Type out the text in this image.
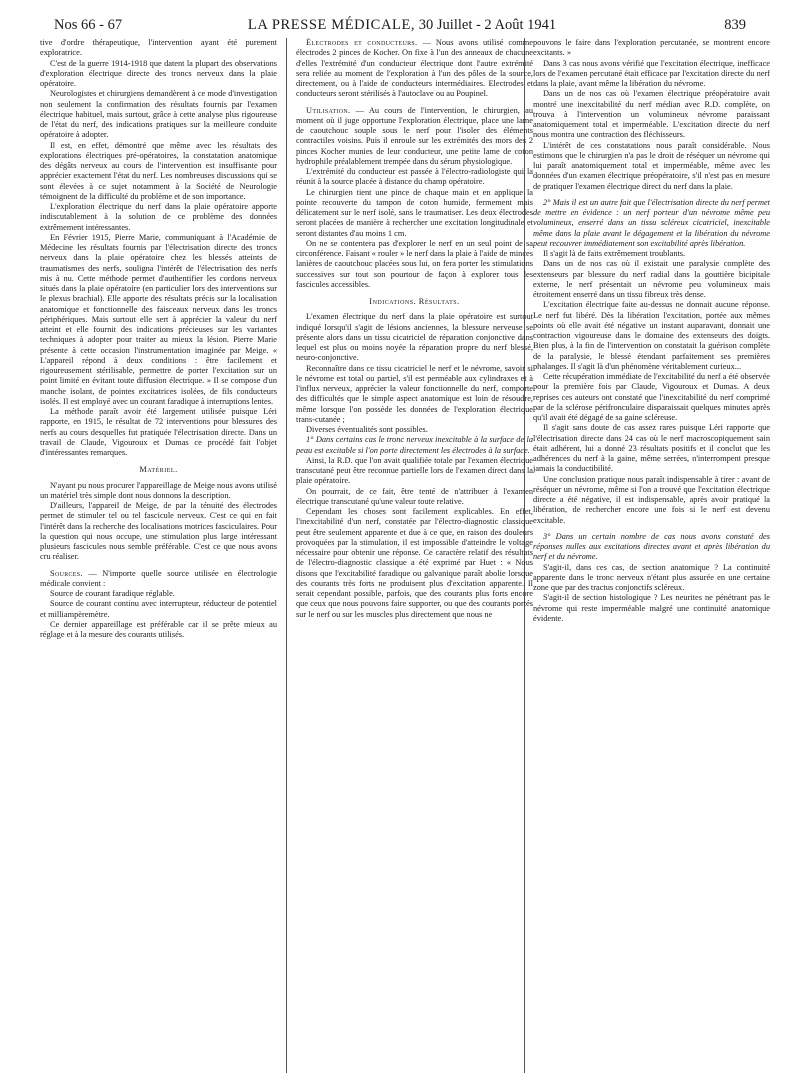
Nos 66 - 67	LA PRESSE MÉDICALE, 30 Juillet - 2 Août 1941	839

tive d'ordre thérapeutique, l'intervention ayant été purement exploratrice.

C'est de la guerre 1914-1918 que datent la plupart des observations d'exploration électrique directe des troncs nerveux dans la plaie opératoire.

Neurologistes et chirurgiens demandèrent à ce mode d'investigation non seulement la confirmation des résultats fournis par l'examen électrique habituel, mais surtout, grâce à cette analyse plus rigoureuse de l'état du nerf, des indications pratiques sur la meilleure conduite opératoire à adopter.

Il est, en effet, démontré que même avec les résultats des explorations électriques pré-opératoires, la constatation anatomique des dégâts nerveux au cours de l'intervention est insuffisante pour apprécier exactement l'état du nerf. Les nombreuses discussions qui se sont élevées à ce sujet notamment à la Société de Neurologie témoignent de la difficulté du problème et de son importance.

L'exploration électrique du nerf dans la plaie opératoire apporte indiscutablement à la solution de ce problème des données extrêmement intéressantes.

En Février 1915, Pierre Marie, communiquant à l'Académie de Médecine les résultats fournis par l'électrisation directe des troncs nerveux dans la plaie opératoire chez les blessés atteints de traumatismes des nerfs, soulignа l'intérêt de l'électrisation des nerfs mis à nu. Cette méthode permet d'authentifier les cordons nerveux situés dans la plaie opératoire (en particulier lors des interventions sur le plexus brachial). Elle apporte des résultats précis sur la localisation anatomique et fonctionnelle des faisceaux nerveux dans les troncs périphériques. Mais surtout elle sert à apprécier la valeur du nerf atteint et elle fournit des indications précieuses sur les variantes techniques à adopter pour traiter au mieux la lésion. Pierre Marie présente à cette occasion l'instrumentation imaginée par Meige. « L'appareil répond à deux conditions : être facilement et rigoureusement stérilisable, permettre de porter l'excitation sur un point limité en évitant toute diffusion électrique. » Il se compose d'un manche isolant, de pointes excitatrices isolées, de fils conducteurs isolés. Il est employé avec un courant faradique à interruptions lentes.

La méthode paraît avoir été largement utilisée puisque Léri rapporte, en 1915, le résultat de 72 interventions pour blessures des nerfs au cours desquelles fut pratiquée l'électrisation directe. Dans un travail de Claude, Vigouroux et Dumas ce procédé fait l'objet d'intéressantes remarques.

Matériel.

N'ayant pu nous procurer l'appareillage de Meige nous avons utilisé un matériel très simple dont nous donnons la description.

D'ailleurs, l'appareil de Meige, de par la ténuité des électrodes permet de stimuler tel ou tel fascicule nerveux. C'est ce qui en fait l'intérêt dans la recherche des localisations motrices fasciculaires. Pour la question qui nous occupe, une stimulation plus large intéressant plusieurs fascicules nous semble préférable. C'est ce que nous avons cru réaliser.

Sources. — N'importe quelle source utilisée en électrologie médicale convient :

Source de courant faradique réglable.

Source de courant continu avec interrupteur, réducteur de potentiel et milliampèremètre.

Ce dernier appareillage est préférable car il se prête mieux au réglage et à la mesure des courants utilisés.

Électrodes et conducteurs. — Nous avons utilisé comme électrodes 2 pinces de Kocher. On fixe à l'un des anneaux de chacune d'elles l'extrémité d'un conducteur électrique dont l'autre extrémité sera reliée au moment de l'exploration à l'un des pôles de la source, directement, ou à l'aide de conducteurs intermédiaires. Electrodes et conducteurs seront stérilisés à l'autoclave ou au Poupinel.

Utilisation. — Au cours de l'intervention, le chirurgien, au moment où il juge opportune l'exploration électrique, place une lame de caoutchouc souple sous le nerf pour l'isoler des éléments contractiles voisins. Puis il enroule sur les extrémités des mors des 2 pinces Kocher munies de leur conducteur, une petite lame de coton hydrophile préalablement trempée dans du sérum physiologique.

L'extrémité du conducteur est passée à l'électro-radiologiste qui la réunit à la source placée à distance du champ opératoire.

Le chirurgien tient une pince de chaque main et en applique la pointe recouverte du tampon de coton humide, fermement mais délicatement sur le nerf isolé, sans le traumatiser. Les deux électrodes seront placées de manière à rechercher une excitation longitudinale et seront distantes d'au moins 1 cm.

On ne se contentera pas d'explorer le nerf en un seul point de sa circonférence. Faisant « rouler » le nerf dans la plaie à l'aide de minces lanières de caoutchouc placées sous lui, on fera porter les stimulations successives sur tout son pourtour de façon à explorer tous les fascicules accessibles.

Indications. Résultats.

L'examen électrique du nerf dans la plaie opératoire est surtout indiqué lorsqu'il s'agit de lésions anciennes, la blessure nerveuse se présente alors dans un tissu cicatriciel de réparation conjonctive dans lequel est plus ou moins noyée la réparation propre du nerf blessé, neuro-conjonctive.

Reconnaître dans ce tissu cicatriciel le nerf et le névrome, savoir si le névrome est total ou partiel, s'il est perméable aux cylindraxes et à l'influx nerveux, apprécier la valeur fonctionnelle du nerf, comporte des difficultés que le simple aspect anatomique est loin de résoudre, même lorsque l'on possède les données de l'exploration électrique trans-cutanée ;

Diverses éventualités sont possibles.

1° Dans certains cas le tronc nerveux inexcitable à la surface de la peau est excitable si l'on porte directement les électrodes à la surface.

Ainsi, la R.D. que l'on avait qualifiée totale par l'examen électrique transcutané peut être reconnue partielle lors de l'examen direct dans la plaie opératoire.

On pourrait, de ce fait, être tenté de n'attribuer à l'examen électrique transcutané qu'une valeur toute relative.

Cependant les choses sont facilement explicables. En effet, l'inexcitabilité d'un nerf, constatée par l'électro-diagnostic classique peut être seulement apparente et due à ce que, en raison des douleurs provoquées par la stimulation, il est impossible d'atteindre le voltage nécessaire pour obtenir une réponse. Ce caractère relatif des résultats de l'électro-diagnostic classique a été exprimé par Huet : « Nous disons que l'excitabilité faradique ou galvanique paraît abolie lorsque des courants très forts ne produisent plus d'excitation apparente. Il serait cependant possible, parfois, que des courants plus forts encore que ceux que nous pouvons faire supporter, ou que des courants portés sur le nerf ou sur les muscles plus directement que nous ne

pouvons le faire dans l'exploration percutanée, se montrent encore excitants. »

Dans 3 cas nous avons vérifié que l'excitation électrique, inefficace lors de l'examen percutané était efficace par l'excitation directe du nerf dans la plaie, avant même la libération du névrome.

Dans un de nos cas où l'examen électrique préopératoire avait montré une inexcitabilité du nerf médian avec R.D. complète, on trouva à l'intervention un volumineux névrome paraissant anatomiquement total et imperméable. L'excitation directe du nerf nous montra une contraction des fléchisseurs.

L'intérêt de ces constatations nous paraît considérable. Nous estimons que le chirurgien n'a pas le droit de réséquer un névrome qui lui paraît anatomiquement total et imperméable, même avec les données d'un examen électrique préopératoire, s'il n'est pas en mesure de pratiquer l'examen électrique direct du nerf dans la plaie.

2° Mais il est un autre fait que l'électrisation directe du nerf permet de mettre en évidence : un nerf porteur d'un névrome même peu volumineux, enserré dans un tissu scléreux cicatriciel, inexcitable même dans la plaie avant le dégagement et la libération du névrome peut recouvrer immédiatement son excitabilité après libération.

Il s'agit là de faits extrêmement troublants.

Dans un de nos cas où il existait une paralysie complète des extenseurs par blessure du nerf radial dans la gouttière bicipitale externe, le nerf présentait un névrome peu volumineux mais étroitement enserré dans un tissu fibreux très dense.

L'excitation électrique faite au-dessus ne donnait aucune réponse. Le nerf fut libéré. Dès la libération l'excitation, portée aux mêmes points où elle avait été négative un instant auparavant, donnait une contraction vigoureuse dans le domaine des extenseurs des doigts. Bien plus, à la fin de l'intervention on constatait la guérison complète de la paralysie, le blessé étendant parfaitement ses premières phalanges. Il s'agit là d'un phénomène véritablement curieux...

Cette récupération immédiate de l'excitabilité du nerf a été observée pour la première fois par Claude, Vigouroux et Dumas. A deux reprises ces auteurs ont constaté que l'inexcitabilité du nerf comprimé par de la sclérose périfronculaire disparaissait quelques minutes après qu'il avait été dégagé de sa gaine scléreuse.

Il s'agit sans doute de cas assez rares puisque Léri rapporte que l'électrisation directe dans 24 cas où le nerf macroscopiquement sain était adhérent, lui a donné 23 résultats positifs et il conclut que les adhérences du nerf à la gaine, même serrées, n'interrompent presque jamais la conductibilité.

Une conclusion pratique nous paraît indispensable à tirer : avant de réséquer un névrome, même si l'on a trouvé que l'excitation électrique directe a été négative, il est indispensable, après avoir pratiqué la libération, de rechercher encore une fois si le nerf est devenu excitable.

3° Dans un certain nombre de cas nous avons constaté des réponses nulles aux excitations directes avant et après libération du nerf et du névrome.

S'agit-il, dans ces cas, de section anatomique ? La continuité apparente dans le tronc nerveux n'étant plus assurée en une certaine zone que par des tractus conjonctifs scléreux.

S'agit-il de section histologique ? Les neurites ne pénétrant pas le névrome qui reste imperméable malgré une continuité anatomique évidente.
